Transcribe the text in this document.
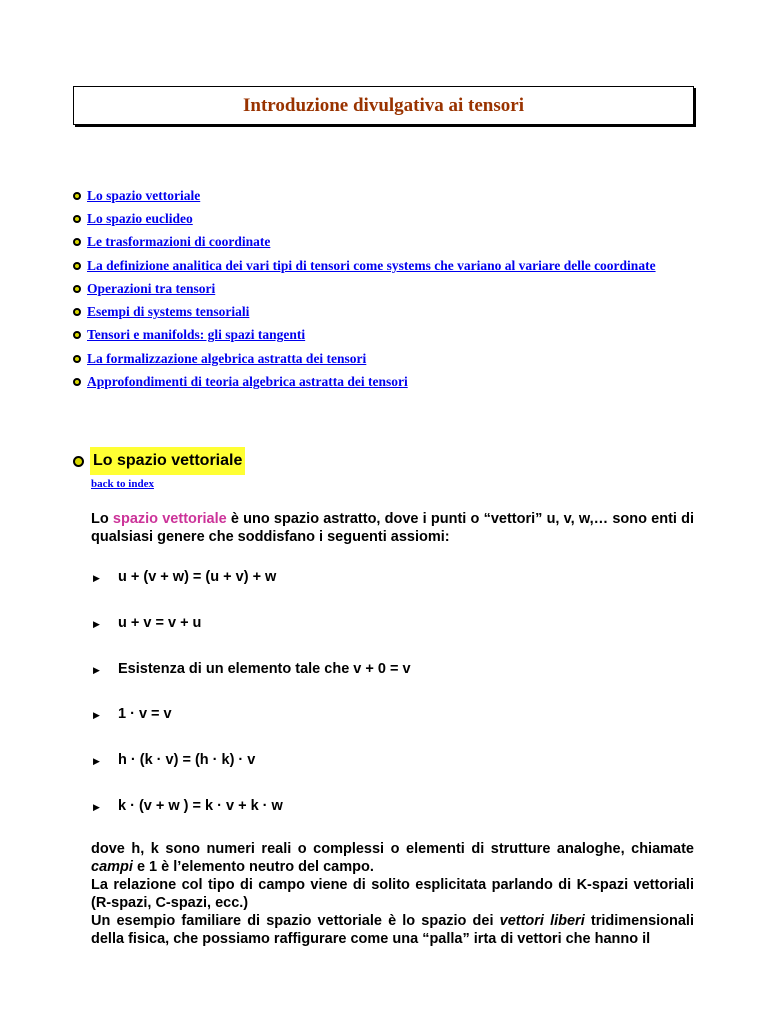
Introduzione divulgativa ai tensori
Lo spazio vettoriale
Lo spazio euclideo
Le trasformazioni di coordinate
La definizione analitica dei vari tipi di tensori come systems che variano al variare delle coordinate
Operazioni tra tensori
Esempi di systems tensoriali
Tensori e manifolds: gli spazi tangenti
La formalizzazione algebrica astratta dei tensori
Approfondimenti di teoria algebrica astratta dei tensori
Lo spazio vettoriale
back to index
Lo spazio vettoriale è uno spazio astratto, dove i punti o “vettori” u, v, w,… sono enti di qualsiasi genere che soddisfano i seguenti assiomi:
▶	u + (v + w) = (u + v) + w
▶	u + v = v + u
▶	Esistenza di un elemento tale che v + 0 = v
▶	1 · v = v
▶	h · (k · v) = (h · k) · v
▶	k · (v + w ) = k · v + k · w

dove h, k sono numeri reali o complessi o elementi di strutture analoghe, chiamate campi e 1 è l’elemento neutro del campo.

La relazione col tipo di campo viene di solito esplicitata parlando di K-spazi vettoriali (R-spazi, C-spazi, ecc.)

Un esempio familiare di spazio vettoriale è lo spazio dei vettori liberi tridimensionali della fisica, che possiamo raffigurare come una “palla” irta di vettori che hanno il
